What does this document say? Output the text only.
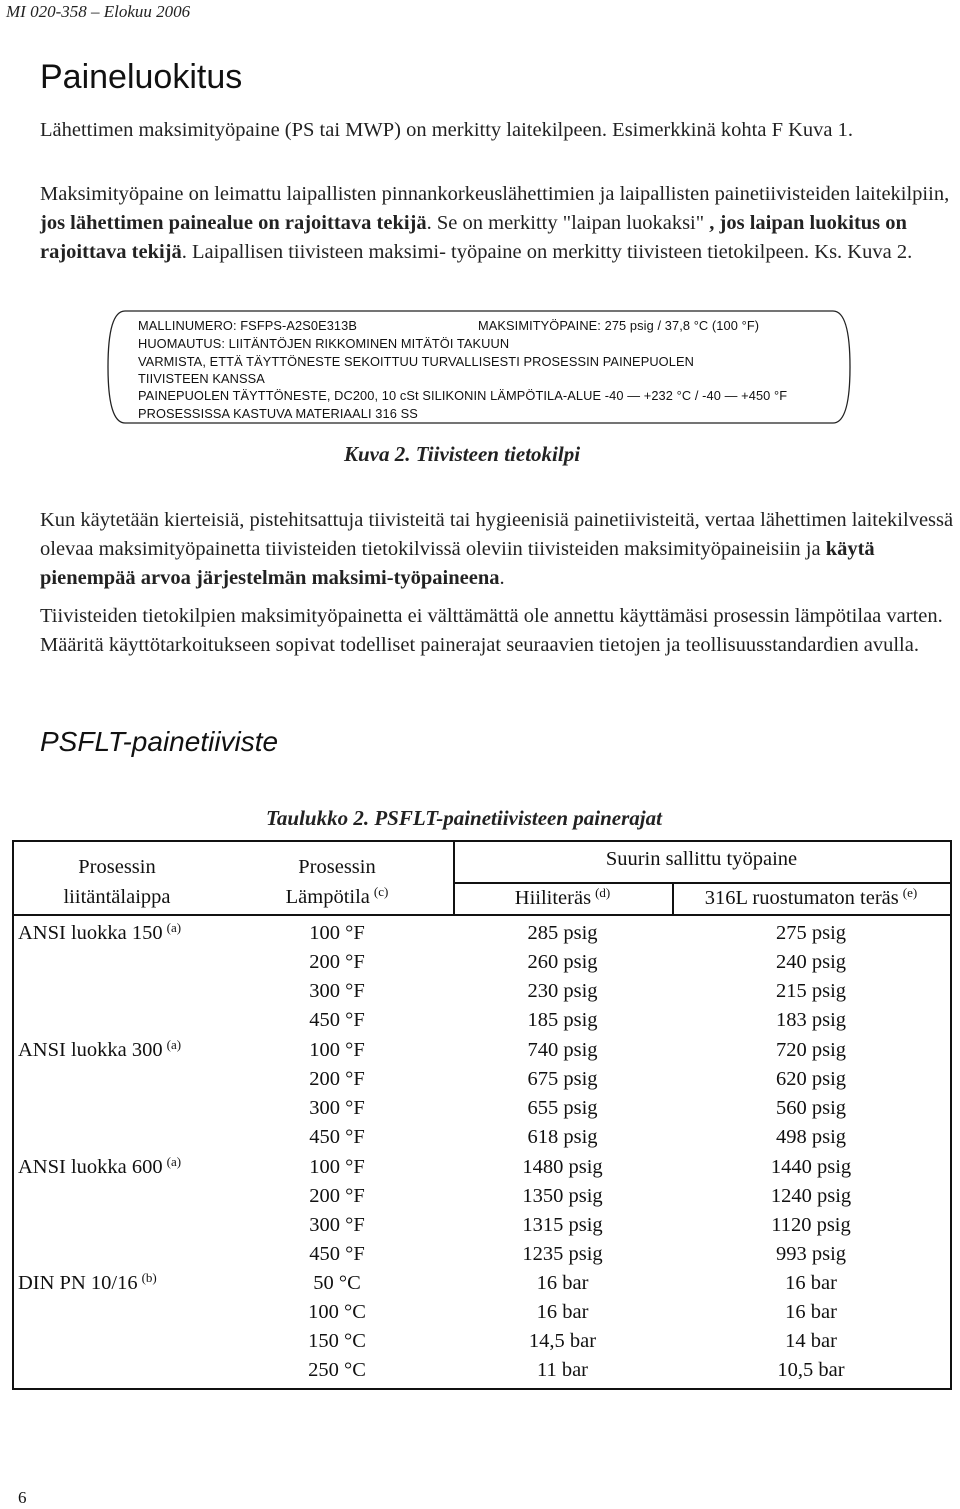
MI 020-358 – Elokuu 2006
Paineluokitus

Lähettimen maksimityöpaine (PS tai MWP) on merkitty laitekilpeen. Esimerkkinä kohta F Kuva 1.

Maksimityöpaine on leimattu laipallisten pinnankorkeuslähettimien ja laipallisten painetiivisteiden laitekilpiin, jos lähettimen painealue on rajoittava tekijä. Se on merkitty "laipan luokaksi" , jos laipan luokitus on rajoittava tekijä. Laipallisen tiivisteen maksimi- työpaine on merkitty tiivisteen tietokilpeen. Ks. Kuva 2.

MALLINUMERO: FSFPS-A2S0E313B	MAKSIMITYÖPAINE: 275 psig / 37,8 °C (100 °F)
HUOMAUTUS: LIITÄNTÖJEN RIKKOMINEN MITÄTÖI TAKUUN
VARMISTA, ETTÄ TÄYTTÖNESTE SEKOITTUU TURVALLISESTI PROSESSIN PAINEPUOLEN
TIIVISTEEN KANSSA
PAINEPUOLEN TÄYTTÖNESTE, DC200, 10 cSt SILIKONIN LÄMPÖTILA-ALUE -40 — +232 °C / -40 — +450 °F
PROSESSISSA KASTUVA MATERIAALI 316 SS
Kuva 2. Tiivisteen tietokilpi

Kun käytetään kierteisiä, pistehitsattuja tiivisteitä tai hygieenisiä painetiivisteitä, vertaa lähettimen laitekilvessä olevaa maksimityöpainetta tiivisteiden tietokilvissä oleviin tiivisteiden maksimityöpaineisiin ja käytä pienempää arvoa järjestelmän maksimi-työpaineena.

Tiivisteiden tietokilpien maksimityöpainetta ei välttämättä ole annettu käyttämäsi prosessin lämpötilaa varten. Määritä käyttötarkoitukseen sopivat todelliset painerajat seuraavien tietojen ja teollisuusstandardien avulla.

PSFLT-painetiiviste
Taulukko 2. PSFLT-painetiivisteen painerajat
Prosessin
liitäntälaippa
Prosessin
Lämpötila $^{(c)}$
Suurin sallittu työpaine
Hiiliteräs $^{(d)}$	316L ruostumaton teräs $^{(e)}$
ANSI luokka 150 $^{(a)}$	100 °F	285 psig	275 psig
200 °F	260 psig	240 psig
300 °F	230 psig	215 psig
450 °F	185 psig	183 psig
ANSI luokka 300 $^{(a)}$	100 °F	740 psig	720 psig
200 °F	675 psig	620 psig
300 °F	655 psig	560 psig
450 °F	618 psig	498 psig
ANSI luokka 600 $^{(a)}$	100 °F	1480 psig	1440 psig
200 °F	1350 psig	1240 psig
300 °F	1315 psig	1120 psig
450 °F	1235 psig	993 psig
DIN PN 10/16 $^{(b)}$	50 °C	16 bar	16 bar
100 °C	16 bar	16 bar
150 °C	14,5 bar	14 bar
250 °C	11 bar	10,5 bar
6
